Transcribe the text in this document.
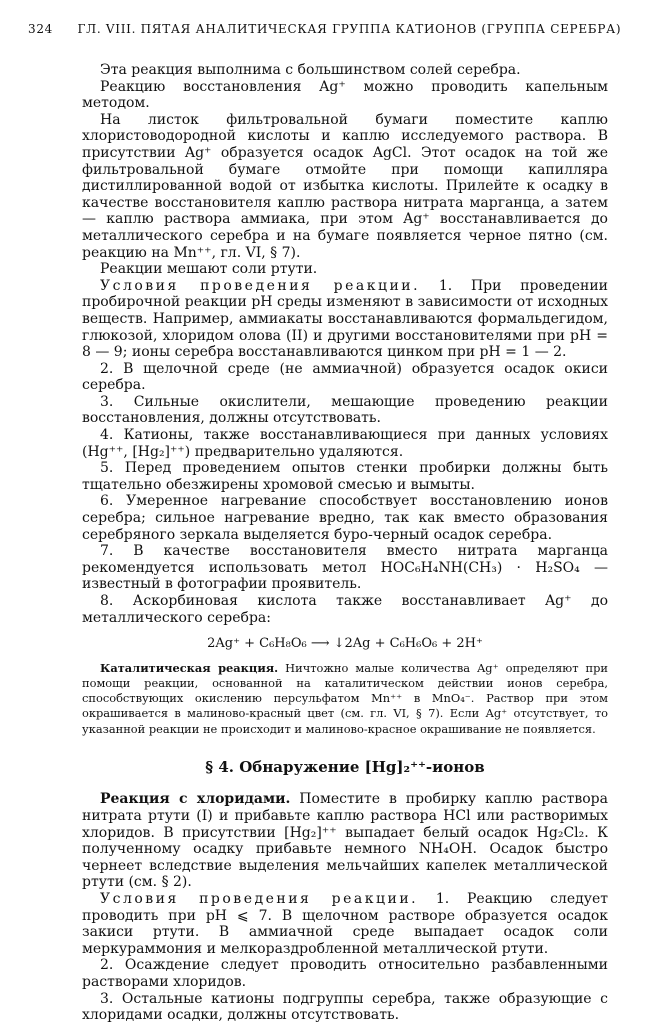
324 ГЛ. VIII. ПЯТАЯ АНАЛИТИЧЕСКАЯ ГРУППА КАТИОНОВ (ГРУППА СЕРЕБРА)

Эта реакция выполнима с большинством солей серебра.

Реакцию восстановления Ag⁺ можно проводить капельным методом.

На листок фильтровальной бумаги поместите каплю хлористоводородной кислоты и каплю исследуемого раствора. В присутствии Ag⁺ образуется осадок AgCl. Этот осадок на той же фильтровальной бумаге отмойте при помощи капилляра дистиллированной водой от избытка кислоты. Прилейте к осадку в качестве восстановителя каплю раствора нитрата марганца, а затем — каплю раствора аммиака, при этом Ag⁺ восстанавливается до металлического серебра и на бумаге появляется черное пятно (см. реакцию на Mn⁺⁺, гл. VI, § 7).

Реакции мешают соли ртути.

Условия проведения реакции. 1. При проведении пробирочной реакции pH среды изменяют в зависимости от исходных веществ. Например, аммиакаты восстанавливаются формальдегидом, глюкозой, хлоридом олова (II) и другими восстановителями при pH = 8 — 9; ионы серебра восстанавливаются цинком при pH = 1 — 2.

2. В щелочной среде (не аммиачной) образуется осадок окиси серебра.

3. Сильные окислители, мешающие проведению реакции восстановления, должны отсутствовать.

4. Катионы, также восстанавливающиеся при данных условиях (Hg⁺⁺, [Hg₂]⁺⁺) предварительно удаляются.

5. Перед проведением опытов стенки пробирки должны быть тщательно обезжирены хромовой смесью и вымыты.

6. Умеренное нагревание способствует восстановлению ионов серебра; сильное нагревание вредно, так как вместо образования серебряного зеркала выделяется буро-черный осадок серебра.

7. В качестве восстановителя вместо нитрата марганца рекомендуется использовать метол HOC₆H₄NH(CH₃) · H₂SO₄ — известный в фотографии проявитель.

8. Аскорбиновая кислота также восстанавливает Ag⁺ до металлического серебра:

2Ag⁺ + C₆H₈O₆ ⟶ ↓2Ag + C₆H₆O₆ + 2H⁺

Каталитическая реакция. Ничтожно малые количества Ag⁺ определяют при помощи реакции, основанной на каталитическом действии ионов серебра, способствующих окислению персульфатом Mn⁺⁺ в MnO₄⁻. Раствор при этом окрашивается в малиново-красный цвет (см. гл. VI, § 7). Если Ag⁺ отсутствует, то указанной реакции не происходит и малиново-красное окрашивание не появляется.

§ 4. Обнаружение [Hg]₂⁺⁺-ионов

Реакция с хлоридами. Поместите в пробирку каплю раствора нитрата ртути (I) и прибавьте каплю раствора HCl или растворимых хлоридов. В присутствии [Hg₂]⁺⁺ выпадает белый осадок Hg₂Cl₂. К полученному осадку прибавьте немного NH₄OH. Осадок быстро чернеет вследствие выделения мельчайших капелек металлической ртути (см. § 2).

Условия проведения реакции. 1. Реакцию следует проводить при pH ⩽ 7. В щелочном растворе образуется осадок закиси ртути. В аммиачной среде выпадает осадок соли меркураммония и мелкораздробленной металлической ртути.

2. Осаждение следует проводить относительно разбавленными растворами хлоридов.

3. Остальные катионы подгруппы серебра, также образующие с хлоридами осадки, должны отсутствовать.
